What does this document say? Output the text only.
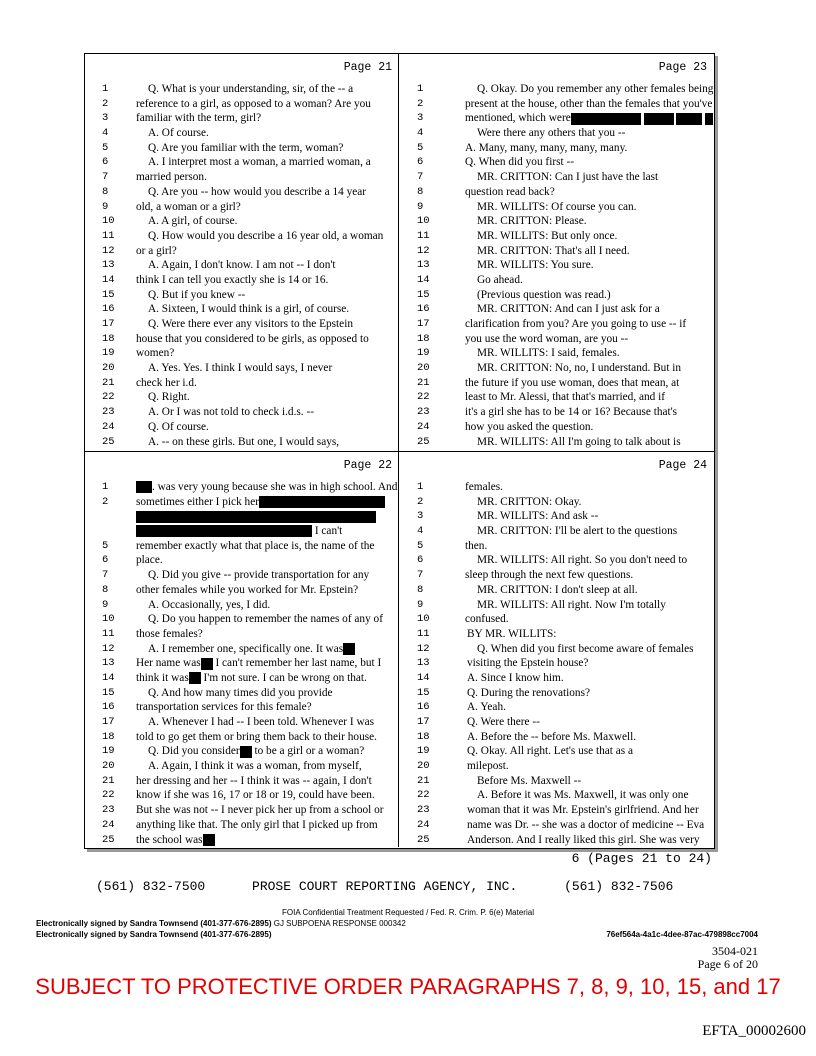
Page 21
1	Q. What is your understanding, sir, of the -- a
2	reference to a girl, as opposed to a woman? Are you
3	familiar with the term, girl?
4	A. Of course.
5	Q. Are you familiar with the term, woman?
6	A. I interpret most a woman, a married woman, a
7	married person.
8	Q. Are you -- how would you describe a 14 year
9	old, a woman or a girl?
10	A. A girl, of course.
11	Q. How would you describe a 16 year old, a woman
12	or a girl?
13	A. Again, I don't know. I am not -- I don't
14	think I can tell you exactly she is 14 or 16.
15	Q. But if you knew --
16	A. Sixteen, I would think is a girl, of course.
17	Q. Were there ever any visitors to the Epstein
18	house that you considered to be girls, as opposed to
19	women?
20	A. Yes. Yes. I think I would says, I never
21	check her i.d.
22	Q. Right.
23	A. Or I was not told to check i.d.s. --
24	Q. Of course.
25	A. -- on these girls. But one, I would says,
Page 23
1	Q. Okay. Do you remember any other females being
2	present at the house, other than the females that you've
3	mentioned, which were
4	Were there any others that you --
5	A. Many, many, many, many, many.
6	Q. When did you first --
7	MR. CRITTON: Can I just have the last
8	question read back?
9	MR. WILLITS: Of course you can.
10	MR. CRITTON: Please.
11	MR. WILLITS: But only once.
12	MR. CRITTON: That's all I need.
13	MR. WILLITS: You sure.
14	Go ahead.
15	(Previous question was read.)
16	MR. CRITTON: And can I just ask for a
17	clarification from you? Are you going to use -- if
18	you use the word woman, are you --
19	MR. WILLITS: I said, females.
20	MR. CRITTON: No, no, I understand. But in
21	the future if you use woman, does that mean, at
22	least to Mr. Alessi, that that's married, and if
23	it's a girl she has to be 14 or 16? Because that's
24	how you asked the question.
25	MR. WILLITS: All I'm going to talk about is
Page 22
1	. was very young because she was in high school. And
2	sometimes either I pick her
I can't
5	remember exactly what that place is, the name of the
6	place.
7	Q. Did you give -- provide transportation for any
8	other females while you worked for Mr. Epstein?
9	A. Occasionally, yes, I did.
10	Q. Do you happen to remember the names of any of
11	those females?
12	A. I remember one, specifically one. It was
13	Her name was I can't remember her last name, but I
14	think it was I'm not sure. I can be wrong on that.
15	Q. And how many times did you provide
16	transportation services for this female?
17	A. Whenever I had -- I been told. Whenever I was
18	told to go get them or bring them back to their house.
19	Q. Did you consider to be a girl or a woman?
20	A. Again, I think it was a woman, from myself,
21	her dressing and her -- I think it was -- again, I don't
22	know if she was 16, 17 or 18 or 19, could have been.
23	But she was not -- I never pick her up from a school or
24	anything like that. The only girl that I picked up from
25	the school was
Page 24
1	females.
2	MR. CRITTON: Okay.
3	MR. WILLITS: And ask --
4	MR. CRITTON: I'll be alert to the questions
5	then.
6	MR. WILLITS: All right. So you don't need to
7	sleep through the next few questions.
8	MR. CRITTON: I don't sleep at all.
9	MR. WILLITS: All right. Now I'm totally
10	confused.
11	BY MR. WILLITS:
12	Q. When did you first become aware of females
13	visiting the Epstein house?
14	A. Since I know him.
15	Q. During the renovations?
16	A. Yeah.
17	Q. Were there --
18	A. Before the -- before Ms. Maxwell.
19	Q. Okay. All right. Let's use that as a
20	milepost.
21	Before Ms. Maxwell --
22	A. Before it was Ms. Maxwell, it was only one
23	woman that it was Mr. Epstein's girlfriend. And her
24	name was Dr. -- she was a doctor of medicine -- Eva
25	Anderson. And I really liked this girl. She was very
6 (Pages 21 to 24)
(561) 832-7500      PROSE COURT REPORTING AGENCY, INC.      (561) 832-7506
FOIA Confidential Treatment Requested / Fed. R. Crim. P. 6(e) Material
Electronically signed by Sandra Townsend (401-377-676-2895) GJ SUBPOENA RESPONSE 000342
Electronically signed by Sandra Townsend (401-377-676-2895)	76ef564a-4a1c-4dee-87ac-479898cc7004
3504-021
Page 6 of 20
SUBJECT TO PROTECTIVE ORDER PARAGRAPHS 7, 8, 9, 10, 15, and 17
EFTA_00002600
